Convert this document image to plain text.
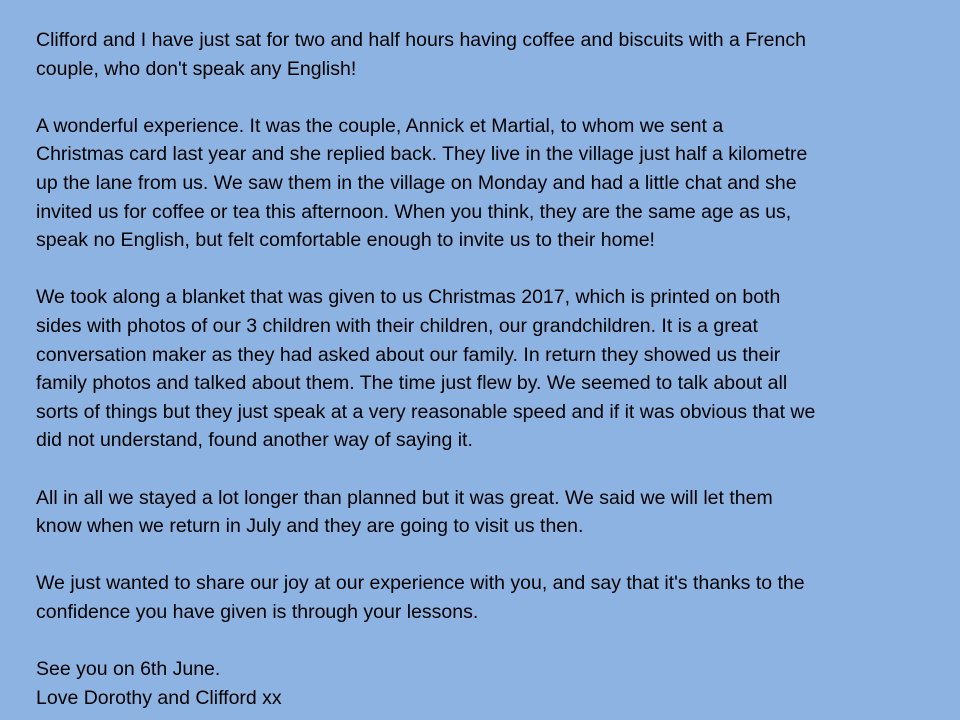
Clifford and I have just sat for two and half hours having coffee and biscuits with a French
couple, who don't speak any English!
A wonderful experience. It was the couple, Annick et Martial, to whom we sent a
Christmas card last year and she replied back. They live in the village just half a kilometre
up the lane from us. We saw them in the village on Monday and had a little chat and she
invited us for coffee or tea this afternoon. When you think, they are the same age as us,
speak no English, but felt comfortable enough to invite us to their home!
We took along a blanket that was given to us Christmas 2017, which is printed on both
sides with photos of our 3 children with their children, our grandchildren. It is a great
conversation maker as they had asked about our family. In return they showed us their
family photos and talked about them. The time just flew by. We seemed to talk about all
sorts of things but they just speak at a very reasonable speed and if it was obvious that we
did not understand, found another way of saying it.
All in all we stayed a lot longer than planned but it was great. We said we will let them
know when we return in July and they are going to visit us then.
We just wanted to share our joy at our experience with you, and say that it's thanks to the
confidence you have given is through your lessons.
See you on 6th June.
Love Dorothy and Clifford xx
